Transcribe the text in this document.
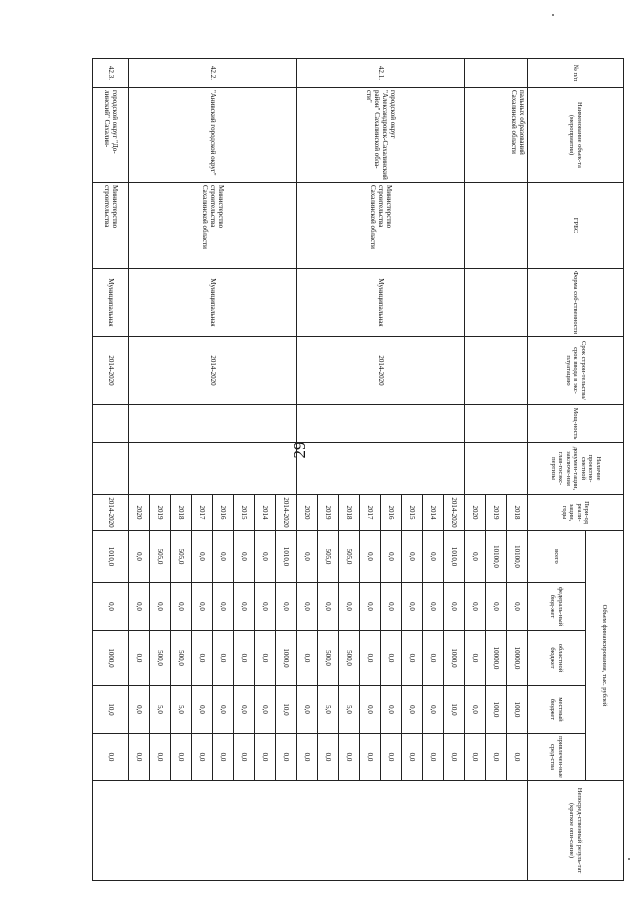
29
№ п/п	Наименование объек-та (мероприятия)	ГРБС	Форма соб-ственности	Срок строи-тельства/срок ввода в экс-плуатацию	Мощ-ность	Наличие проектно-сметной докумен-тации, заключе-ния глав-госэкс-пертизы	Пери-од реали-зации, годы	Объем финансирования, тыс. рублей					Непосред-ственный резуль-тат (краткое опи-сание)
								всего	федераль-ный бюд-жет	областной бюджет	местный бюджет	привлечен-ные сред-ства	
	пальных образований Сахалинской области						2018	10100,0	0,0	10000,0	100,0	0,0	
							2019	10100,0	0,0	10000,0	100,0	0,0	
							2020	0,0	0,0	0,0	0,0	0,0	
42.1.	городской округ "Александровск-Сахалинский район" Сахалинской обла-сти"	Министерство строительства Сахалинской области	Муниципальная	2014-2020			2014-2020	1010,0	0,0	1000,0	10,0	0,0	
							2014	0,0	0,0	0,0	0,0	0,0	
							2015	0,0	0,0	0,0	0,0	0,0	
							2016	0,0	0,0	0,0	0,0	0,0	
							2017	0,0	0,0	0,0	0,0	0,0	
							2018	505,0	0,0	500,0	5,0	0,0	
							2019	505,0	0,0	500,0	5,0	0,0	
							2020	0,0	0,0	0,0	0,0	0,0	
42.2.	"Анивский городской округ"	Министерство строительства Сахалинской области	Муниципальная	2014-2020			2014-2020	1010,0	0,0	1000,0	10,0	0,0	
							2014	0,0	0,0	0,0	0,0	0,0	
							2015	0,0	0,0	0,0	0,0	0,0	
							2016	0,0	0,0	0,0	0,0	0,0	
							2017	0,0	0,0	0,0	0,0	0,0	
							2018	505,0	0,0	500,0	5,0	0,0	
							2019	505,0	0,0	500,0	5,0	0,0	
							2020	0,0	0,0	0,0	0,0	0,0	
42.3.	городской округ "До-линский" Сахалин-	Министерство строительства	Муниципальная	2014-2020			2014-2020	1010,0	0,0	1000,0	10,0	0,0	
